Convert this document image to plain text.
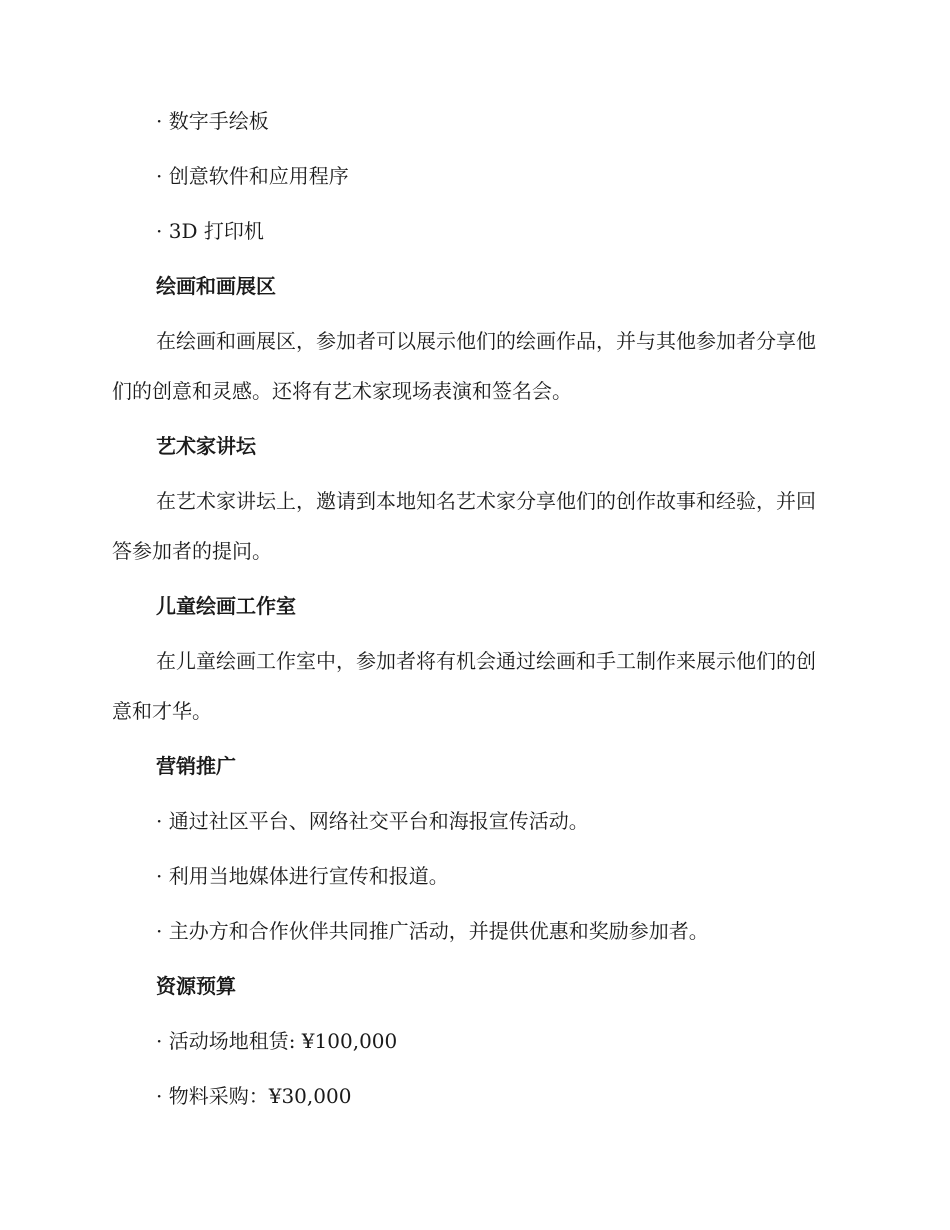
· 数字手绘板

· 创意软件和应用程序

· 3D 打印机

绘画和画展区

在绘画和画展区，参加者可以展示他们的绘画作品，并与其他参加者分享他们的创意和灵感。还将有艺术家现场表演和签名会。

艺术家讲坛

在艺术家讲坛上，邀请到本地知名艺术家分享他们的创作故事和经验，并回答参加者的提问。

儿童绘画工作室

在儿童绘画工作室中，参加者将有机会通过绘画和手工制作来展示他们的创意和才华。

营销推广

· 通过社区平台、网络社交平台和海报宣传活动。

· 利用当地媒体进行宣传和报道。

· 主办方和合作伙伴共同推广活动，并提供优惠和奖励参加者。

资源预算

· 活动场地租赁: ¥100,000

· 物料采购：¥30,000
